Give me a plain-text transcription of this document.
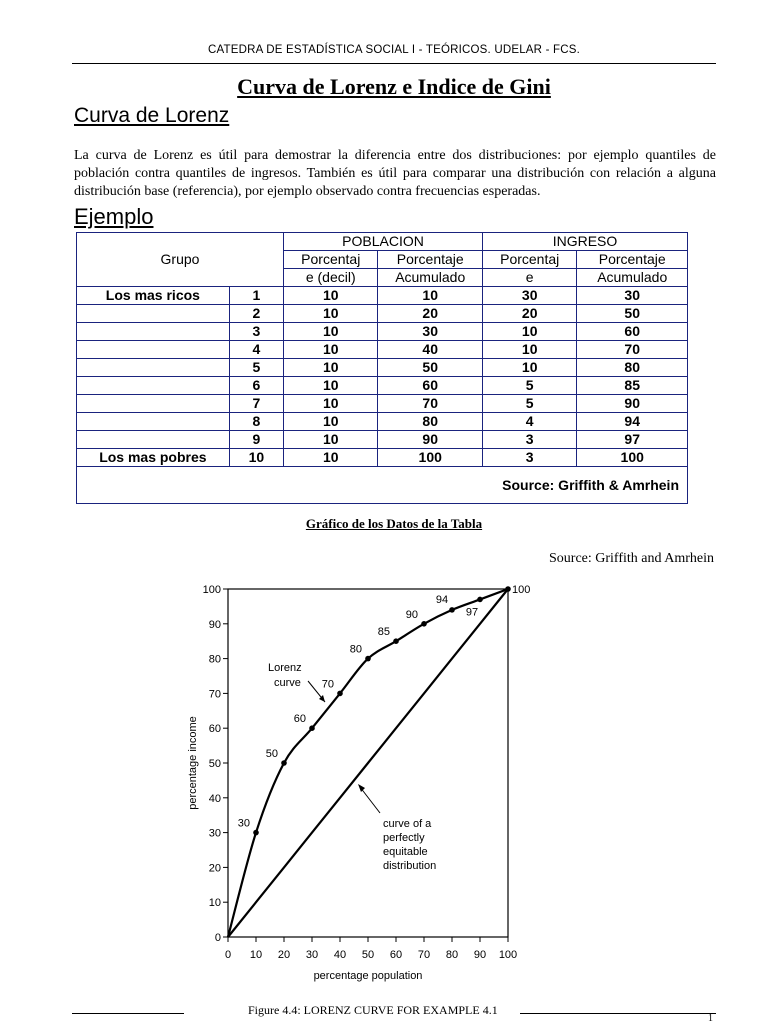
CATEDRA DE ESTADÍSTICA SOCIAL I - TEÓRICOS. UDELAR - FCS.
Curva de Lorenz e Indice de Gini
Curva de Lorenz
La curva de Lorenz es útil para demostrar la diferencia entre dos distribuciones: por ejemplo quantiles de población contra quantiles de ingresos. También es útil para comparar una distribución con relación a alguna distribución base (referencia), por ejemplo observado contra frecuencias esperadas.
Ejemplo
Grupo		POBLACION		INGRESO	
		Porcentaj	Porcentaje	Porcentaj	Porcentaje
		e (decil)	Acumulado	e	Acumulado
Los mas ricos	1	10	10	30	30
	2	10	20	20	50
	3	10	30	10	60
	4	10	40	10	70
	5	10	50	10	80
	6	10	60	5	85
	7	10	70	5	90
	8	10	80	4	94
	9	10	90	3	97
Los mas pobres	10	10	100	3	100
Source: Griffith & Amrhein					
Gráfico de los Datos de la Tabla
Source: Griffith and Amrhein
0 10 20 30 40 50 60 70 80 90 100
0
10
20
30
40
50
60
70
80
90
100
percentage population
percentage income
30
50
60
70
80
85
90
94
97
100
Lorenz
curve
curve of a
perfectly
equitable
distribution
Figure 4.4: LORENZ CURVE FOR EXAMPLE 4.1
1
